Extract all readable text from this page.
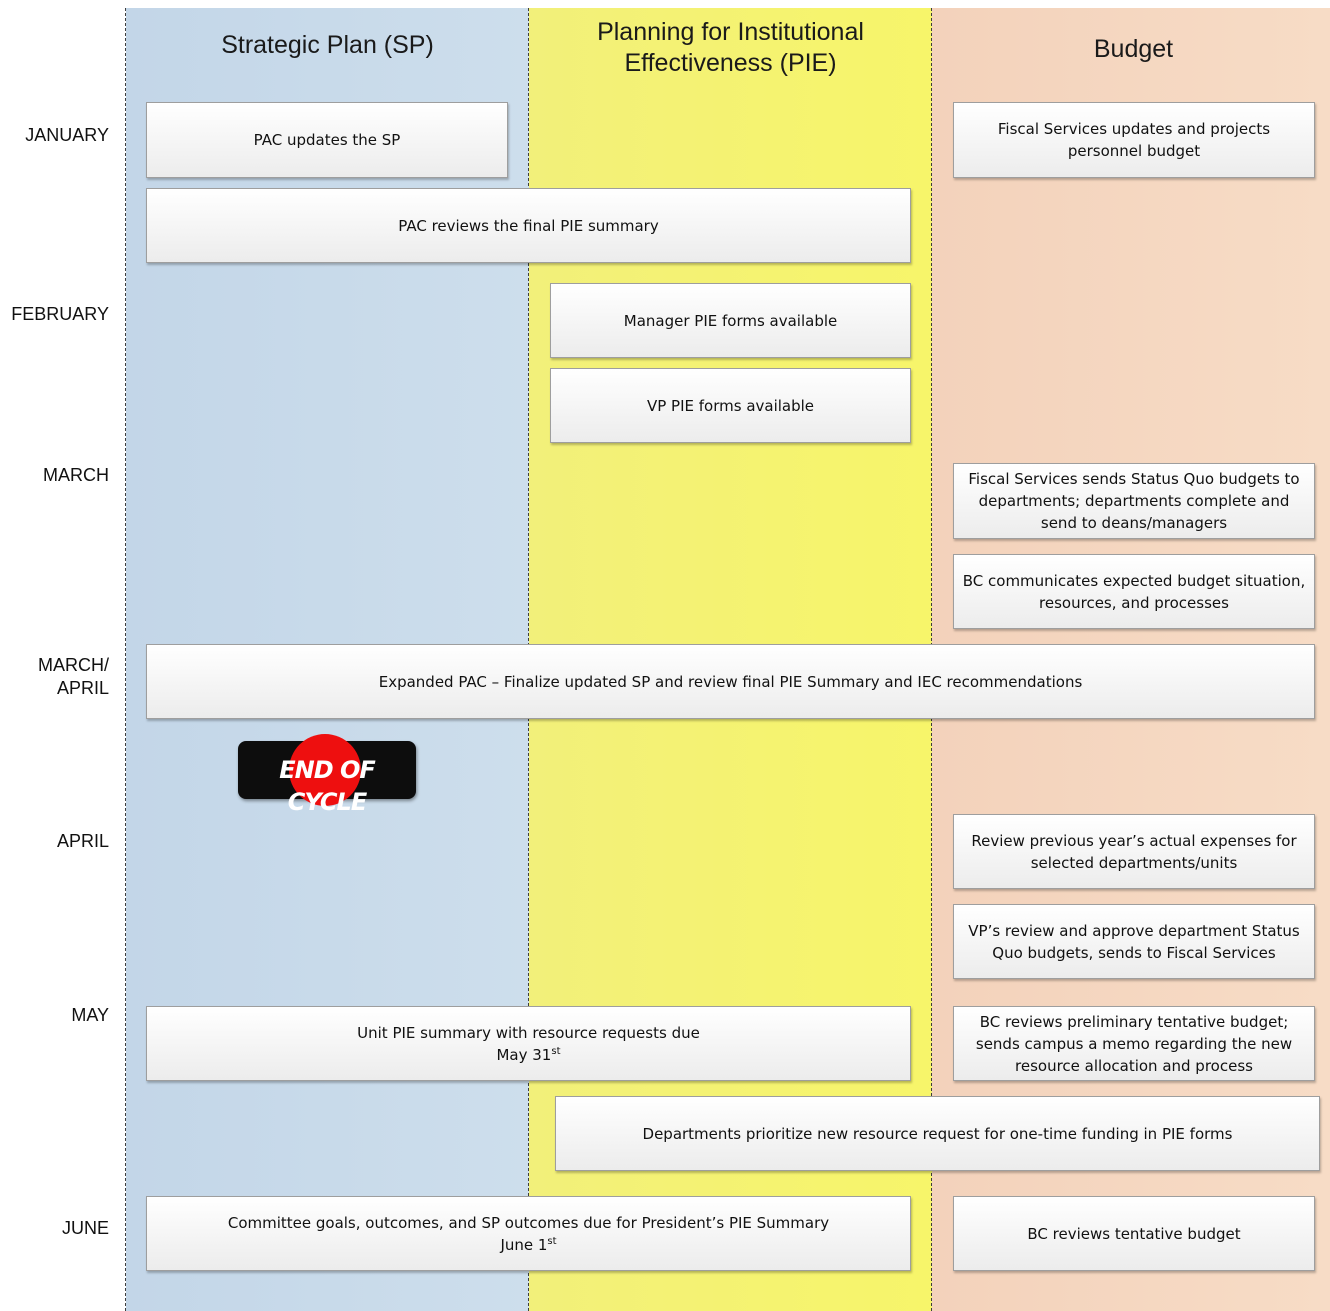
Strategic Plan (SP)	Planning for Institutional
Effectiveness (PIE)	Budget
JANUARY
FEBRUARY
MARCH
MARCH/
APRIL
APRIL
MAY
JUNE
PAC updates the SP
Fiscal Services updates and projects
personnel budget
PAC reviews the final PIE summary
Manager PIE forms available
VP PIE forms available
Fiscal Services sends Status Quo budgets to
departments; departments complete and
send to deans/managers
BC communicates expected budget situation,
resources, and processes
Expanded PAC – Finalize updated SP and review final PIE Summary and IEC recommendations
Review previous year’s actual expenses for
selected departments/units
VP’s review and approve department Status
Quo budgets, sends to Fiscal Services
Unit PIE summary with resource requests due
May 31st
BC reviews preliminary tentative budget;
sends campus a memo regarding the new
resource allocation and process
Departments prioritize new resource request for one-time funding in PIE forms
Committee goals, outcomes, and SP outcomes due for President’s PIE Summary
June 1st	BC reviews tentative budget
END OF CYCLE
